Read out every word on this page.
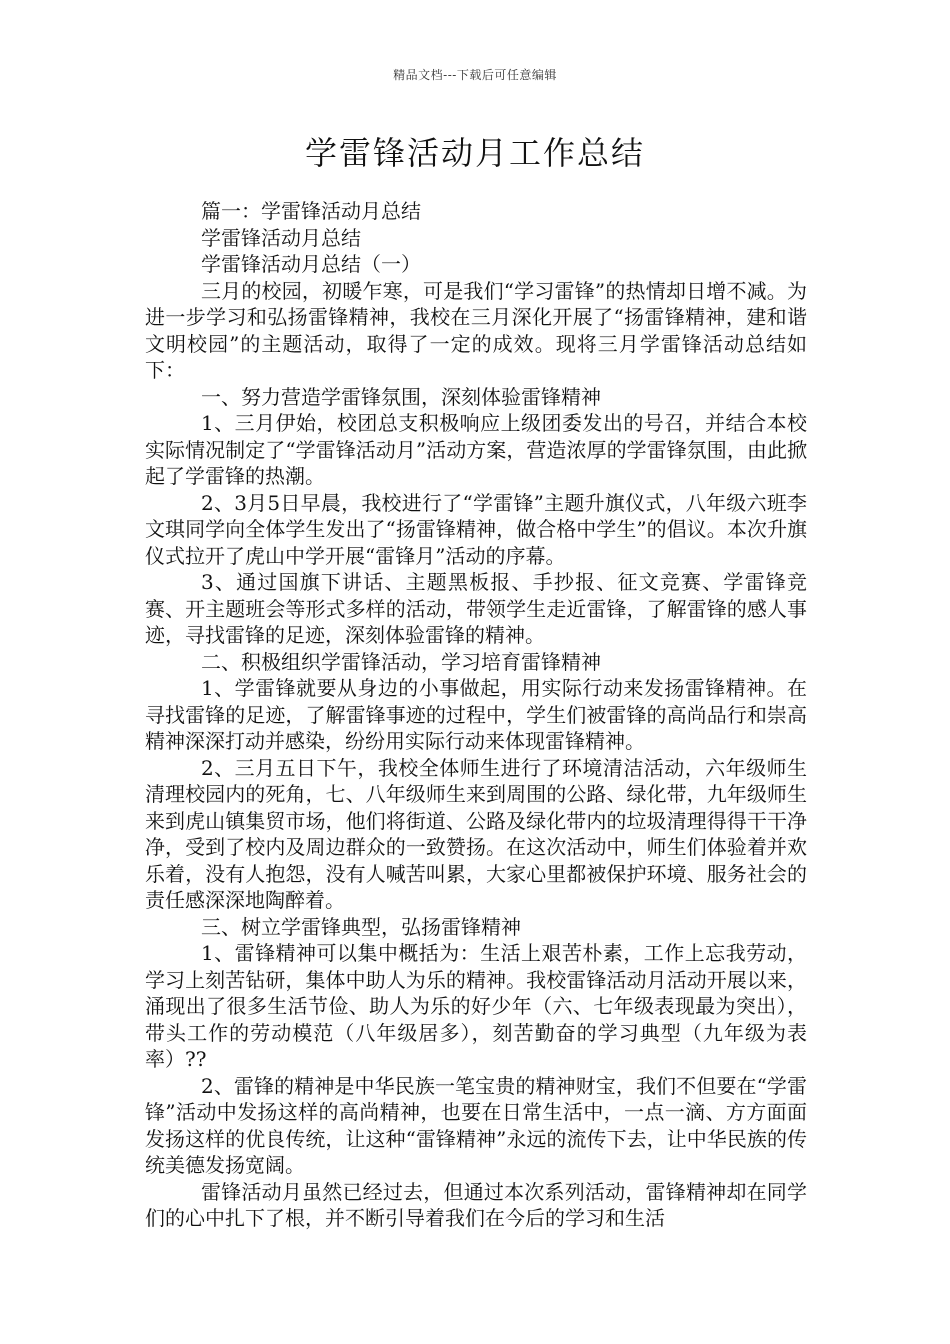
精品文档---下载后可任意编辑
学雷锋活动月工作总结

篇一：学雷锋活动月总结

学雷锋活动月总结

学雷锋活动月总结（一）

三月的校园，初暖乍寒，可是我们“学习雷锋”的热情却日增不减。为进一步学习和弘扬雷锋精神，我校在三月深化开展了“扬雷锋精神，建和谐文明校园”的主题活动，取得了一定的成效。现将三月学雷锋活动总结如下：

一、努力营造学雷锋氛围，深刻体验雷锋精神

1、三月伊始，校团总支积极响应上级团委发出的号召，并结合本校实际情况制定了“学雷锋活动月”活动方案，营造浓厚的学雷锋氛围，由此掀起了学雷锋的热潮。

2、3月5日早晨，我校进行了“学雷锋”主题升旗仪式，八年级六班李文琪同学向全体学生发出了“扬雷锋精神，做合格中学生”的倡议。本次升旗仪式拉开了虎山中学开展“雷锋月”活动的序幕。

3、通过国旗下讲话、主题黑板报、手抄报、征文竞赛、学雷锋竞赛、开主题班会等形式多样的活动，带领学生走近雷锋，了解雷锋的感人事迹，寻找雷锋的足迹，深刻体验雷锋的精神。

二、积极组织学雷锋活动，学习培育雷锋精神

1、学雷锋就要从身边的小事做起，用实际行动来发扬雷锋精神。在寻找雷锋的足迹，了解雷锋事迹的过程中，学生们被雷锋的高尚品行和崇高精神深深打动并感染，纷纷用实际行动来体现雷锋精神。

2、三月五日下午，我校全体师生进行了环境清洁活动，六年级师生清理校园内的死角，七、八年级师生来到周围的公路、绿化带，九年级师生来到虎山镇集贸市场，他们将街道、公路及绿化带内的垃圾清理得得干干净净，受到了校内及周边群众的一致赞扬。在这次活动中，师生们体验着并欢乐着，没有人抱怨，没有人喊苦叫累，大家心里都被保护环境、服务社会的责任感深深地陶醉着。

三、树立学雷锋典型，弘扬雷锋精神

1、雷锋精神可以集中概括为：生活上艰苦朴素，工作上忘我劳动，学习上刻苦钻研，集体中助人为乐的精神。我校雷锋活动月活动开展以来，涌现出了很多生活节俭、助人为乐的好少年（六、七年级表现最为突出），带头工作的劳动模范（八年级居多），刻苦勤奋的学习典型（九年级为表率）??

2、雷锋的精神是中华民族一笔宝贵的精神财宝，我们不但要在“学雷锋”活动中发扬这样的高尚精神，也要在日常生活中，一点一滴、方方面面发扬这样的优良传统，让这种“雷锋精神”永远的流传下去，让中华民族的传统美德发扬宽阔。

雷锋活动月虽然已经过去，但通过本次系列活动，雷锋精神却在同学们的心中扎下了根，并不断引导着我们在今后的学习和生活
